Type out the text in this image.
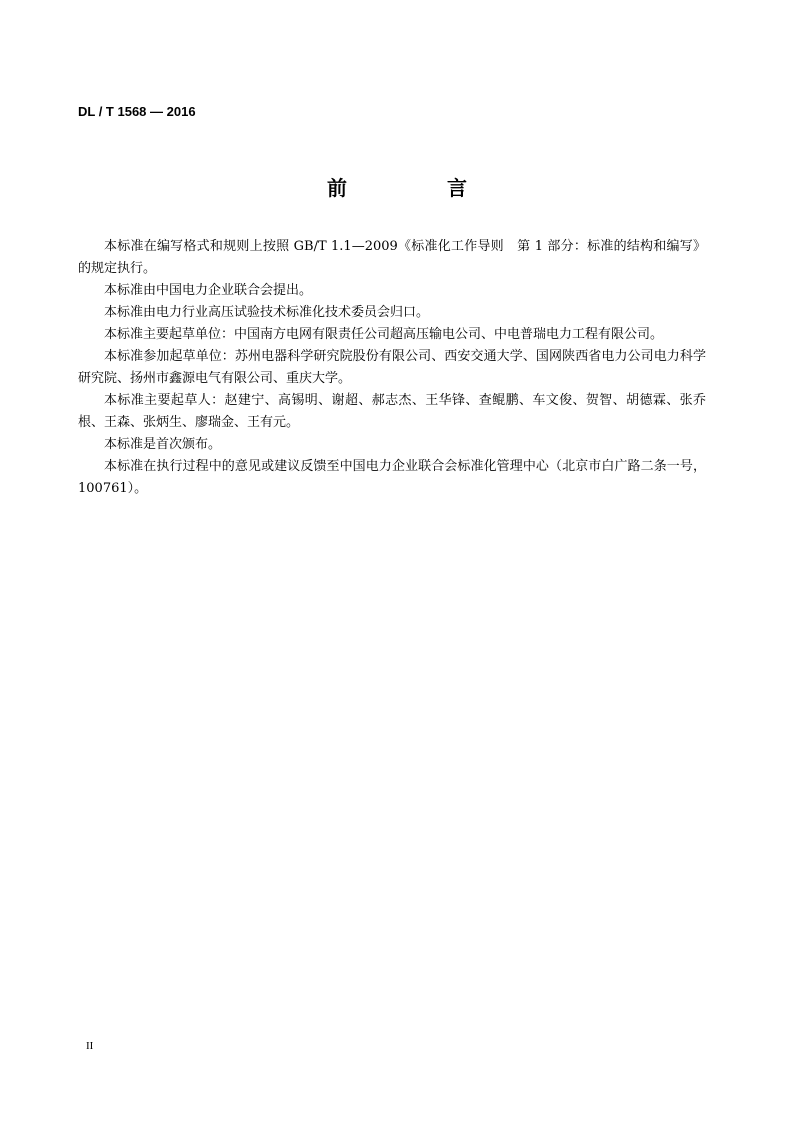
DL / T 1568 — 2016
前　言

本标准在编写格式和规则上按照 GB/T 1.1—2009《标准化工作导则　第 1 部分：标准的结构和编写》的规定执行。

本标准由中国电力企业联合会提出。

本标准由电力行业高压试验技术标准化技术委员会归口。

本标准主要起草单位：中国南方电网有限责任公司超高压输电公司、中电普瑞电力工程有限公司。

本标准参加起草单位：苏州电器科学研究院股份有限公司、西安交通大学、国网陕西省电力公司电力科学研究院、扬州市鑫源电气有限公司、重庆大学。

本标准主要起草人：赵建宁、高锡明、谢超、郝志杰、王华锋、查鲲鹏、车文俊、贺智、胡德霖、张乔根、王森、张炳生、廖瑞金、王有元。

本标准是首次颁布。

本标准在执行过程中的意见或建议反馈至中国电力企业联合会标准化管理中心（北京市白广路二条一号，100761）。

II
